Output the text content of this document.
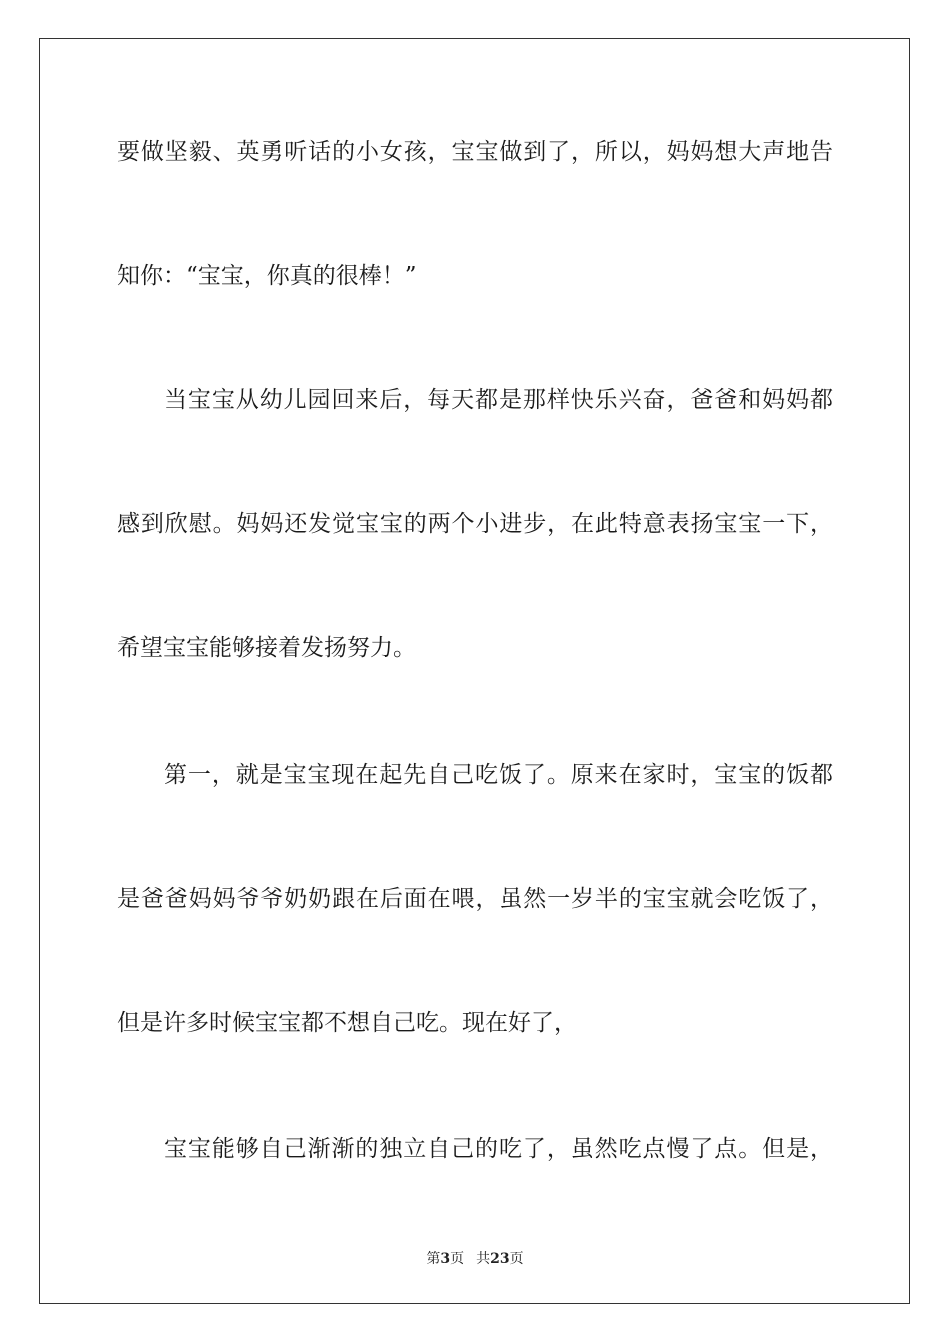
要做坚毅、英勇听话的小女孩，宝宝做到了，所以，妈妈想大声地告
知你：“宝宝，你真的很棒！”
当宝宝从幼儿园回来后，每天都是那样快乐兴奋，爸爸和妈妈都
感到欣慰。妈妈还发觉宝宝的两个小进步，在此特意表扬宝宝一下，
希望宝宝能够接着发扬努力。
第一，就是宝宝现在起先自己吃饭了。原来在家时，宝宝的饭都
是爸爸妈妈爷爷奶奶跟在后面在喂，虽然一岁半的宝宝就会吃饭了，
但是许多时候宝宝都不想自己吃。现在好了，
宝宝能够自己渐渐的独立自己的吃了，虽然吃点慢了点。但是，
第3页 共23页
